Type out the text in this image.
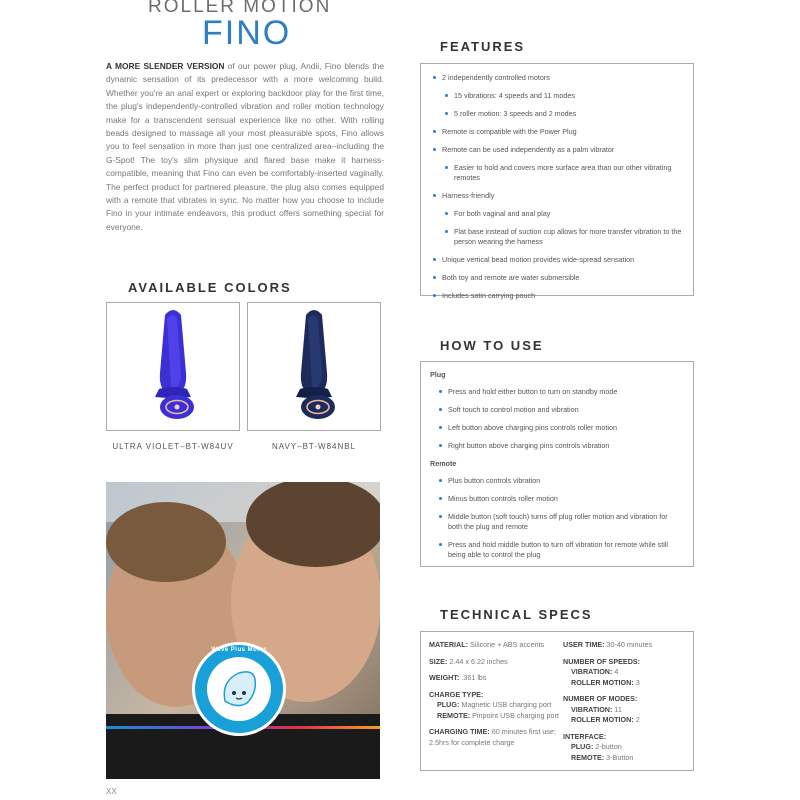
ROLLER MOTION
FINO
A MORE SLENDER VERSION of our power plug, Andii, Fino blends the dynamic sensation of its predecessor with a more welcoming build. Whether you're an anal expert or exploring backdoor play for the first time, the plug's independently-controlled vibration and roller motion technology make for a transcendent sensual experience like no other. With rolling beads designed to massage all your most pleasurable spots, Fino allows you to feel sensation in more than just one centralized area–including the G-Spot! The toy's slim physique and flared base make it harness-compatible, meaning that Fino can even be comfortably-inserted vaginally. The perfect product for partnered pleasure, the plug also comes equipped with a remote that vibrates in sync. No matter how you choose to include Fino in your intimate endeavors, this product offers something special for everyone.
AVAILABLE COLORS
ULTRA VIOLET–BT-W84UV	NAVY–BT-W84NBL
Wave Plus Motor
FEATURES
2 independently controlled motors
15 vibrations: 4 speeds and 11 modes
5 roller motion: 3 speeds and 2 modes
Remote is compatible with the Power Plug
Remote can be used independently as a palm vibrator
Easier to hold and covers more surface area than our other vibrating remotes
Harness-friendly
For both vaginal and anal play
Flat base instead of suction cup allows for more transfer vibration to the person wearing the harness
Unique vertical bead motion provides wide-spread sensation
Both toy and remote are water submersible
Includes satin carrying pouch
HOW TO USE
Plug
Press and hold either button to turn on standby mode
Soft touch to control motion and vibration
Left button above charging pins controls roller motion
Right button above charging pins controls vibration
Remote
Plus button controls vibration
Minus button controls roller motion
Middle button (soft touch) turns off plug roller motion and vibration for both the plug and remote
Press and hold middle button to turn off vibration for remote while still being able to control the plug
TECHNICAL SPECS
MATERIAL: Silicone + ABS accents
SIZE: 2.44 x 6.22 inches
WEIGHT: .361 lbs
CHARGE TYPE:
PLUG: Magnetic USB charging port
REMOTE: Pinpoint USB charging port
CHARGING TIME: 60 minutes first use; 2.5hrs for complete charge
USER TIME: 30-40 minutes
NUMBER OF SPEEDS:
VIBRATION: 4
ROLLER MOTION: 3
NUMBER OF MODES:
VIBRATION: 11
ROLLER MOTION: 2
INTERFACE:
PLUG: 2-button
REMOTE: 3-Button
XX
